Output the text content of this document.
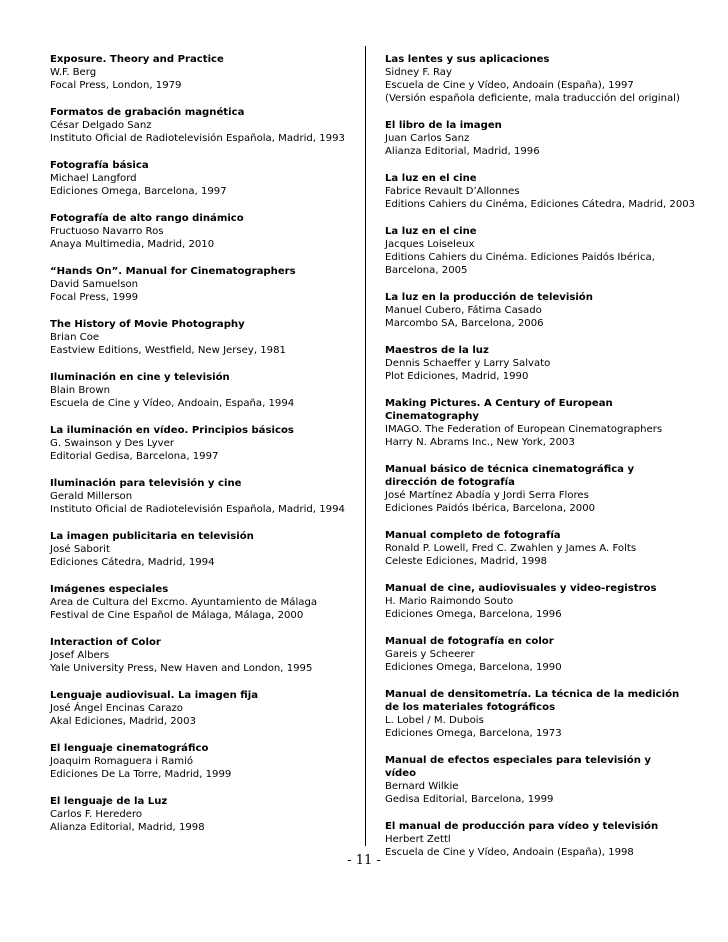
Exposure. Theory and Practice
W.F. Berg
Focal Press, London, 1979
Formatos de grabación magnética
César Delgado Sanz
Instituto Oficial de Radiotelevisión Española, Madrid, 1993
Fotografía básica
Michael Langford
Ediciones Omega, Barcelona, 1997
Fotografía de alto rango dinámico
Fructuoso Navarro Ros
Anaya Multimedia, Madrid, 2010
“Hands On”. Manual for Cinematographers
David Samuelson
Focal Press, 1999
The History of Movie Photography
Brian Coe
Eastview Editions, Westfield, New Jersey, 1981
Iluminación en cine y televisión
Blain Brown
Escuela de Cine y Vídeo, Andoain, España, 1994
La iluminación en vídeo. Principios básicos
G. Swainson y Des Lyver
Editorial Gedisa, Barcelona, 1997
Iluminación para televisión y cine
Gerald Millerson
Instituto Oficial de Radiotelevisión Española, Madrid, 1994
La imagen publicitaria en televisión
José Saborit
Ediciones Cátedra, Madrid, 1994
Imágenes especiales
Area de Cultura del Excmo. Ayuntamiento de Málaga
Festival de Cine Español de Málaga, Málaga, 2000
Interaction of Color
Josef Albers
Yale University Press, New Haven and London, 1995
Lenguaje audiovisual. La imagen fija
José Ángel Encinas Carazo
Akal Ediciones, Madrid, 2003
El lenguaje cinematográfico
Joaquim Romaguera i Ramió
Ediciones De La Torre, Madrid, 1999
El lenguaje de la Luz
Carlos F. Heredero
Alianza Editorial, Madrid, 1998
Las lentes y sus aplicaciones
Sidney F. Ray
Escuela de Cine y Vídeo, Andoain (España), 1997
(Versión española deficiente, mala traducción del original)
El libro de la imagen
Juan Carlos Sanz
Alianza Editorial, Madrid, 1996
La luz en el cine
Fabrice Revault D’Allonnes
Editions Cahiers du Cinéma, Ediciones Cátedra, Madrid, 2003
La luz en el cine
Jacques Loiseleux
Editions Cahiers du Cinéma. Ediciones Paidós Ibérica,
Barcelona, 2005
La luz en la producción de televisión
Manuel Cubero, Fátima Casado
Marcombo SA, Barcelona, 2006
Maestros de la luz
Dennis Schaeffer y Larry Salvato
Plot Ediciones, Madrid, 1990
Making Pictures. A Century of European Cinematography
IMAGO. The Federation of European Cinematographers
Harry N. Abrams Inc., New York, 2003
Manual básico de técnica cinematográfica y dirección de fotografía
José Martínez Abadía y Jordi Serra Flores
Ediciones Paidós Ibérica, Barcelona, 2000
Manual completo de fotografía
Ronald P. Lowell, Fred C. Zwahlen y James A. Folts
Celeste Ediciones, Madrid, 1998
Manual de cine, audiovisuales y video-registros
H. Mario Raimondo Souto
Ediciones Omega, Barcelona, 1996
Manual de fotografía en color
Gareis y Scheerer
Ediciones Omega, Barcelona, 1990
Manual de densitometría. La técnica de la medición de los materiales fotográficos
L. Lobel / M. Dubois
Ediciones Omega, Barcelona, 1973
Manual de efectos especiales para televisión y vídeo
Bernard Wilkie
Gedisa Editorial, Barcelona, 1999
El manual de producción para vídeo y televisión
Herbert Zettl
Escuela de Cine y Vídeo, Andoain (España), 1998
- 11 -
